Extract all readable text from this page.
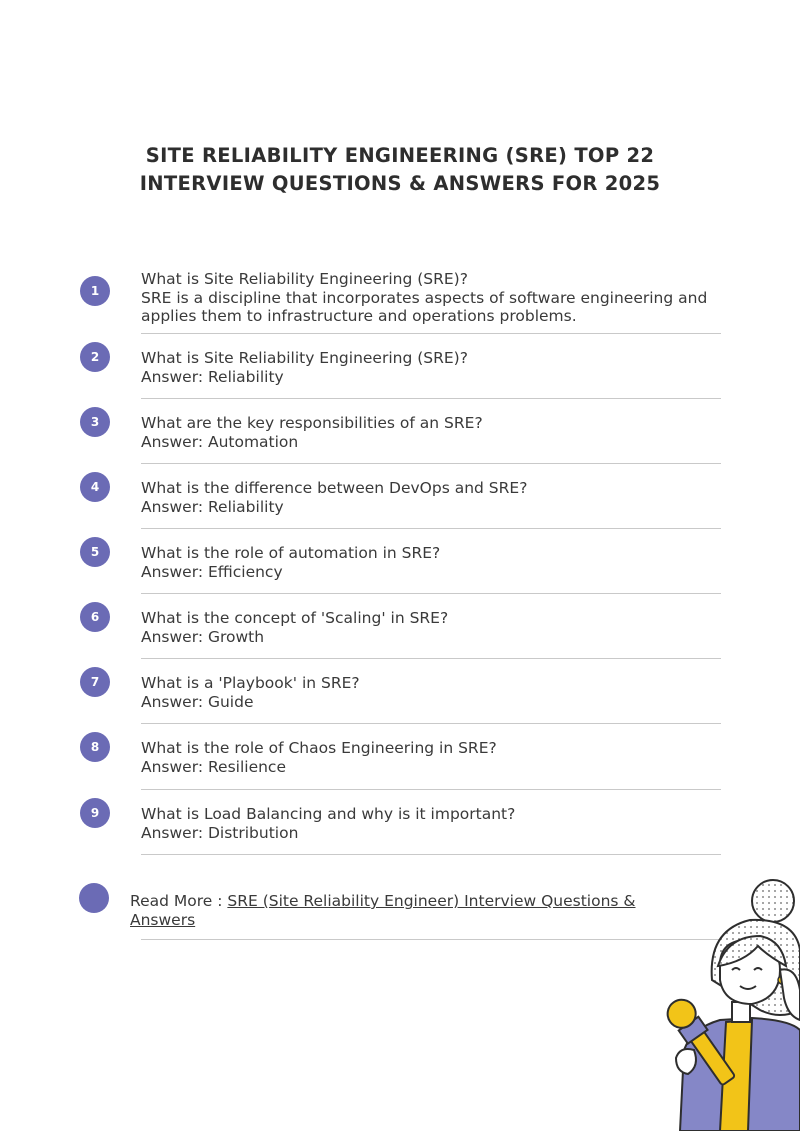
SITE RELIABILITY ENGINEERING (SRE) TOP 22
INTERVIEW QUESTIONS & ANSWERS FOR 2025
1
What is Site Reliability Engineering (SRE)?
SRE is a discipline that incorporates aspects of software engineering and applies them to infrastructure and operations problems.
2	What is Site Reliability Engineering (SRE)?
Answer: Reliability
3	What are the key responsibilities of an SRE?
Answer: Automation
4	What is the difference between DevOps and SRE?
Answer: Reliability
5	What is the role of automation in SRE?
Answer: Efficiency
6	What is the concept of 'Scaling' in SRE?
Answer: Growth
7	What is a 'Playbook' in SRE?
Answer: Guide
8	What is the role of Chaos Engineering in SRE?
Answer: Resilience
9	What is Load Balancing and why is it important?
Answer: Distribution
Read More : SRE (Site Reliability Engineer) Interview Questions & Answers
